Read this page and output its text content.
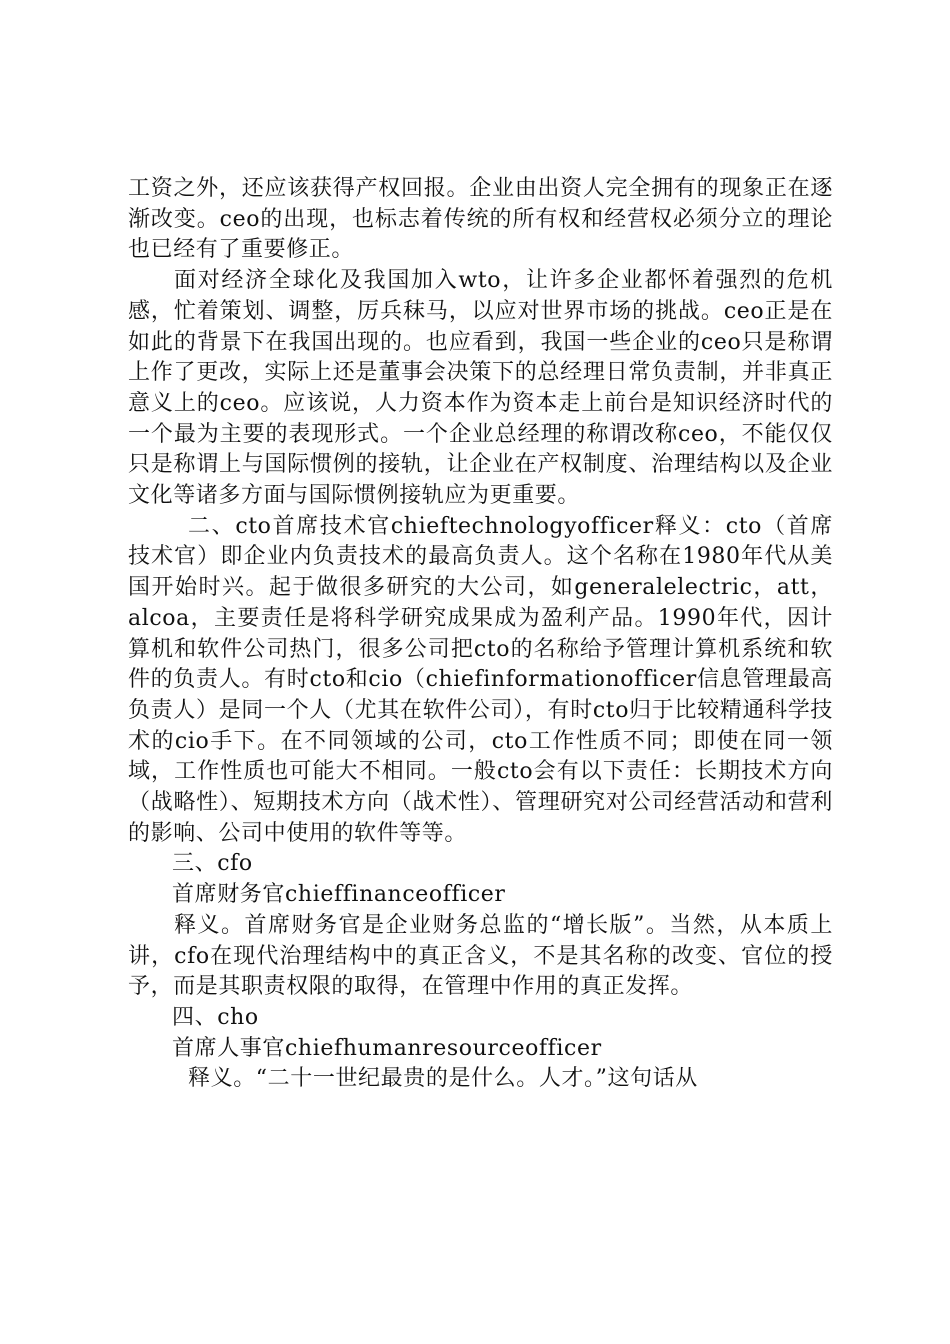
工资之外，还应该获得产权回报。企业由出资人完全拥有的现象正在逐渐改变。ceo的出现，也标志着传统的所有权和经营权必须分立的理论也已经有了重要修正。

面对经济全球化及我国加入wto，让许多企业都怀着强烈的危机感，忙着策划、调整，厉兵秣马，以应对世界市场的挑战。ceo正是在如此的背景下在我国出现的。也应看到，我国一些企业的ceo只是称谓上作了更改，实际上还是董事会决策下的总经理日常负责制，并非真正意义上的ceo。应该说，人力资本作为资本走上前台是知识经济时代的一个最为主要的表现形式。一个企业总经理的称谓改称ceo，不能仅仅只是称谓上与国际惯例的接轨，让企业在产权制度、治理结构以及企业文化等诸多方面与国际惯例接轨应为更重要。

二、cto首席技术官chieftechnologyofficer释义：cto（首席技术官）即企业内负责技术的最高负责人。这个名称在1980年代从美国开始时兴。起于做很多研究的大公司，如generalelectric，att，alcoa，主要责任是将科学研究成果成为盈利产品。1990年代，因计算机和软件公司热门，很多公司把cto的名称给予管理计算机系统和软件的负责人。有时cto和cio（chiefinformationofficer信息管理最高负责人）是同一个人（尤其在软件公司），有时cto归于比较精通科学技术的cio手下。在不同领域的公司，cto工作性质不同；即使在同一领域，工作性质也可能大不相同。一般cto会有以下责任：长期技术方向（战略性）、短期技术方向（战术性）、管理研究对公司经营活动和营利的影响、公司中使用的软件等等。

三、cfo

首席财务官chieffinanceofficer

释义。首席财务官是企业财务总监的“增长版”。当然，从本质上讲，cfo在现代治理结构中的真正含义，不是其名称的改变、官位的授予，而是其职责权限的取得，在管理中作用的真正发挥。

四、cho

首席人事官chiefhumanresourceofficer

释义。“二十一世纪最贵的是什么。人才。”这句话从
